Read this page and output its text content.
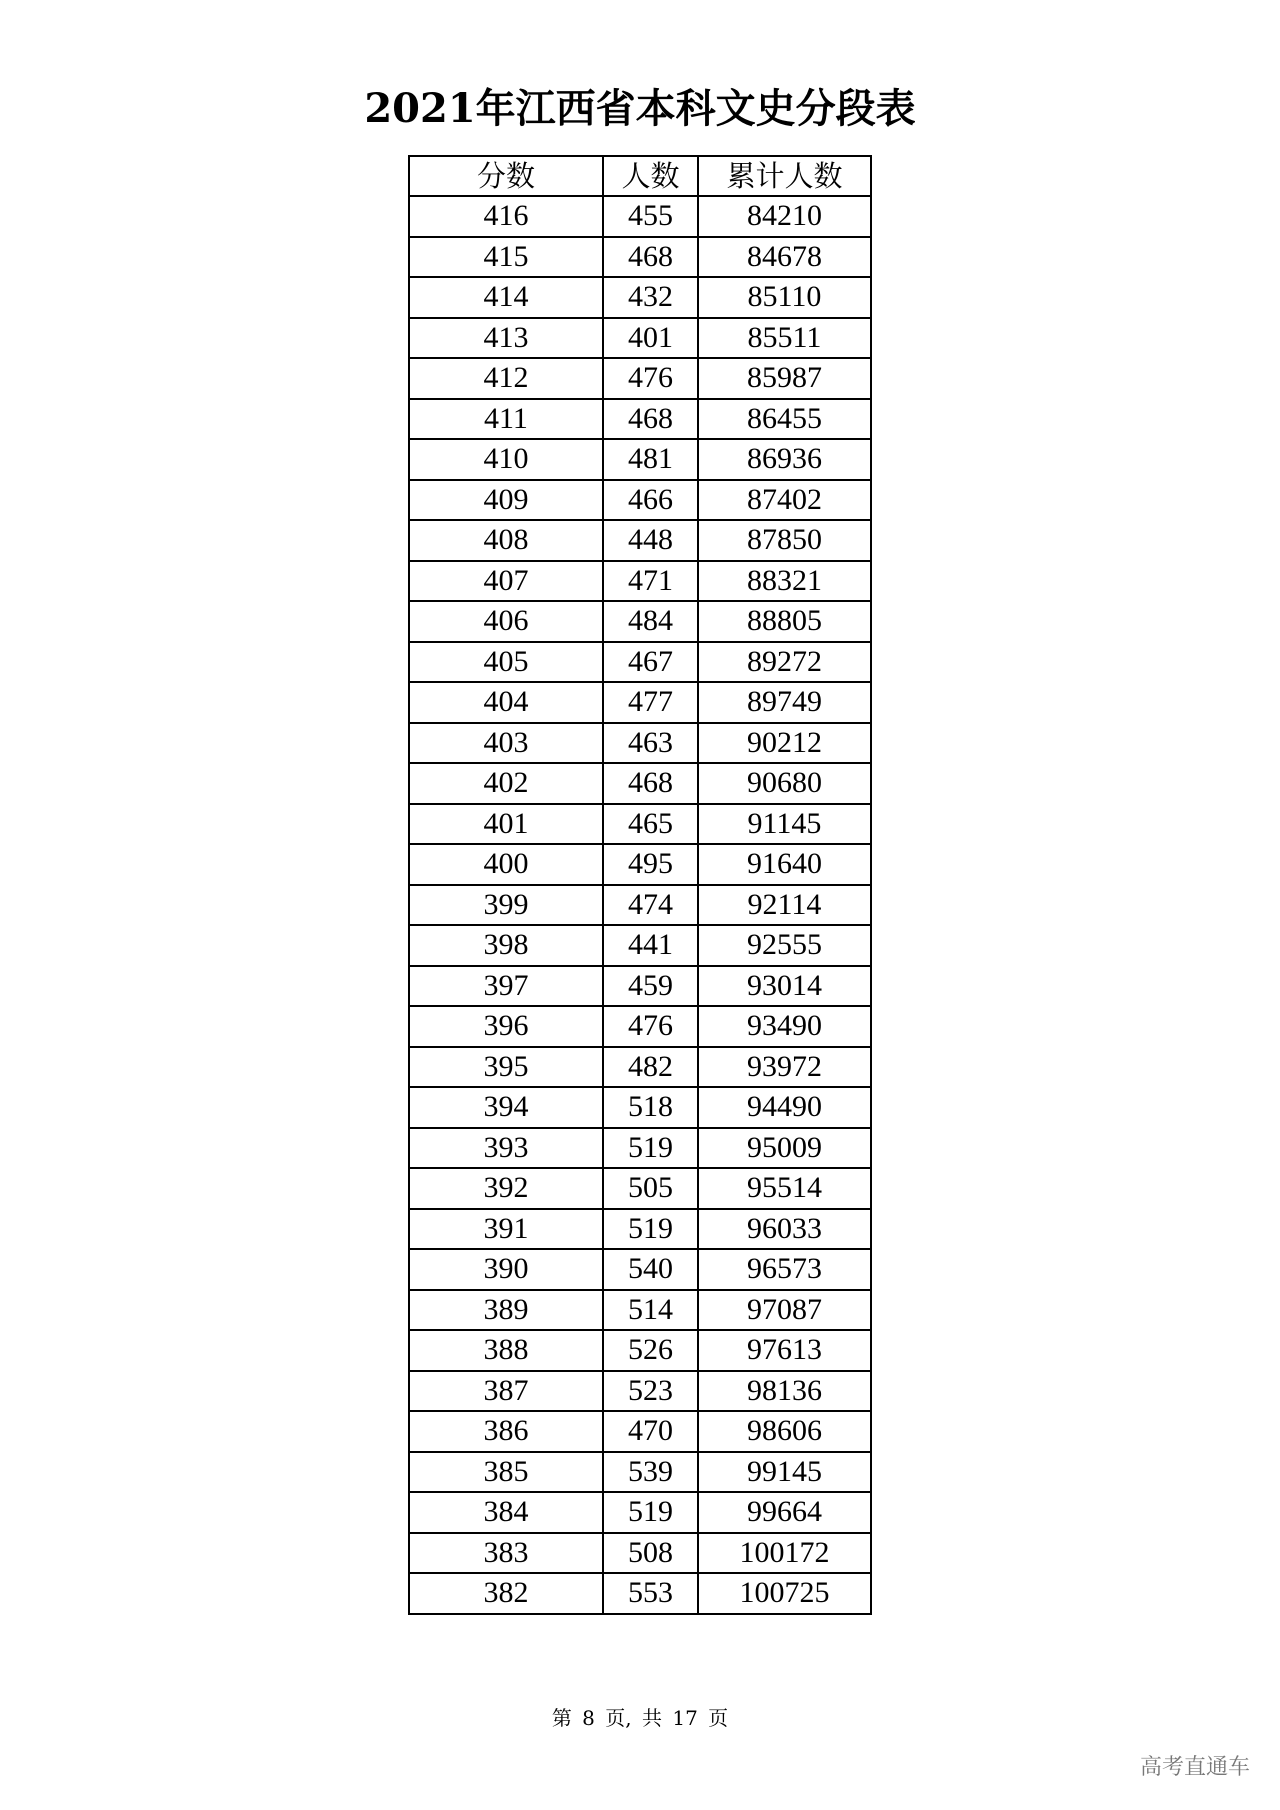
2021年江西省本科文史分段表
分数	人数	累计人数
416	455	84210
415	468	84678
414	432	85110
413	401	85511
412	476	85987
411	468	86455
410	481	86936
409	466	87402
408	448	87850
407	471	88321
406	484	88805
405	467	89272
404	477	89749
403	463	90212
402	468	90680
401	465	91145
400	495	91640
399	474	92114
398	441	92555
397	459	93014
396	476	93490
395	482	93972
394	518	94490
393	519	95009
392	505	95514
391	519	96033
390	540	96573
389	514	97087
388	526	97613
387	523	98136
386	470	98606
385	539	99145
384	519	99664
383	508	100172
382	553	100725
第 8 页, 共 17 页
高考直通车
